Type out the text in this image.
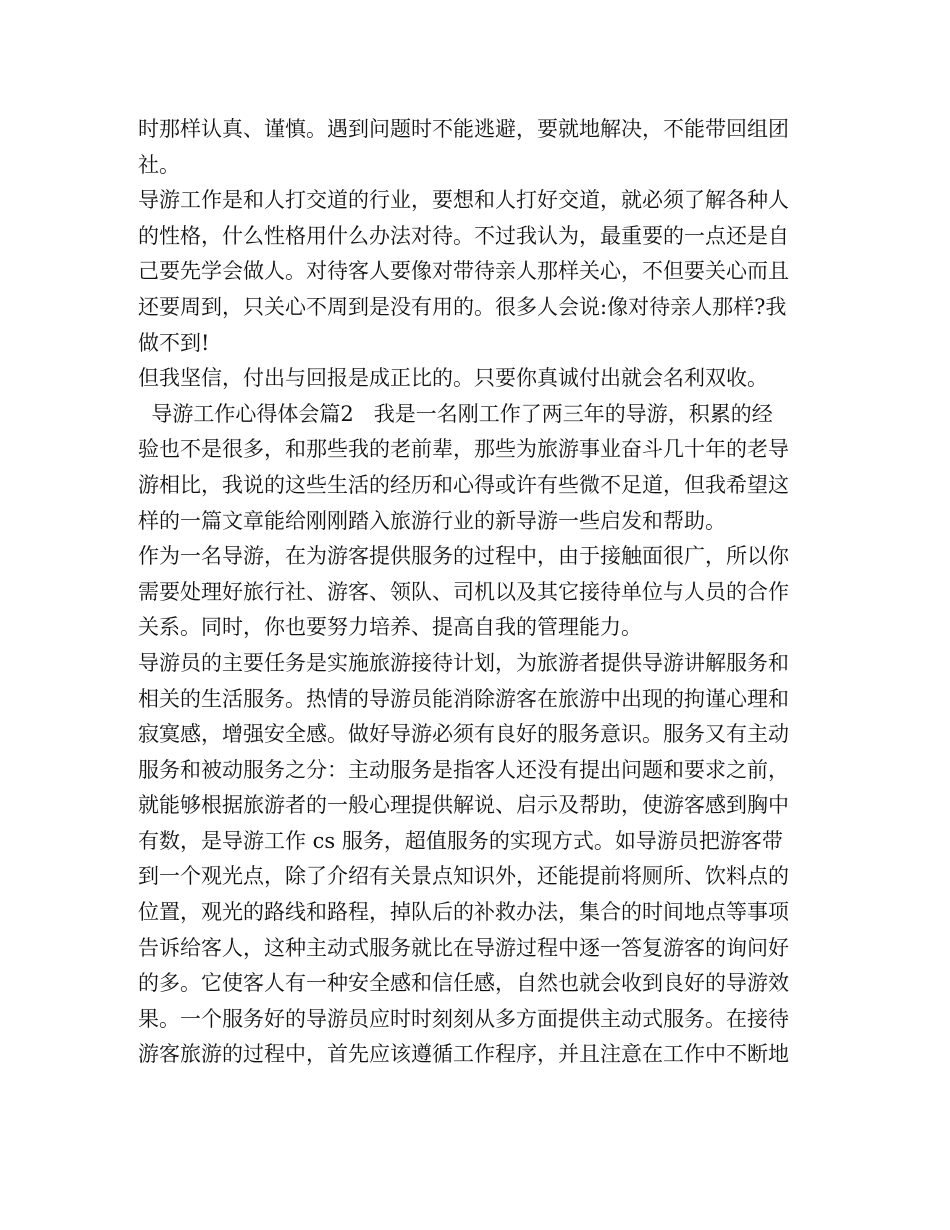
时那样认真、谨慎。遇到问题时不能逃避，要就地解决，不能带回组团
社。
导游工作是和人打交道的行业，要想和人打好交道，就必须了解各种人
的性格，什么性格用什么办法对待。不过我认为，最重要的一点还是自
己要先学会做人。对待客人要像对带待亲人那样关心，不但要关心而且
还要周到，只关心不周到是没有用的。很多人会说:像对待亲人那样?我
做不到!
但我坚信，付出与回报是成正比的。只要你真诚付出就会名利双收。
导游工作心得体会篇2   我是一名刚工作了两三年的导游，积累的经
验也不是很多，和那些我的老前辈，那些为旅游事业奋斗几十年的老导
游相比，我说的这些生活的经历和心得或许有些微不足道，但我希望这
样的一篇文章能给刚刚踏入旅游行业的新导游一些启发和帮助。
作为一名导游，在为游客提供服务的过程中，由于接触面很广，所以你
需要处理好旅行社、游客、领队、司机以及其它接待单位与人员的合作
关系。同时，你也要努力培养、提高自我的管理能力。
导游员的主要任务是实施旅游接待计划，为旅游者提供导游讲解服务和
相关的生活服务。热情的导游员能消除游客在旅游中出现的拘谨心理和
寂寞感，增强安全感。做好导游必须有良好的服务意识。服务又有主动
服务和被动服务之分：主动服务是指客人还没有提出问题和要求之前，
就能够根据旅游者的一般心理提供解说、启示及帮助，使游客感到胸中
有数，是导游工作 cs 服务，超值服务的实现方式。如导游员把游客带
到一个观光点，除了介绍有关景点知识外，还能提前将厕所、饮料点的
位置，观光的路线和路程，掉队后的补救办法，集合的时间地点等事项
告诉给客人，这种主动式服务就比在导游过程中逐一答复游客的询问好
的多。它使客人有一种安全感和信任感，自然也就会收到良好的导游效
果。一个服务好的导游员应时时刻刻从多方面提供主动式服务。在接待
游客旅游的过程中，首先应该遵循工作程序，并且注意在工作中不断地
